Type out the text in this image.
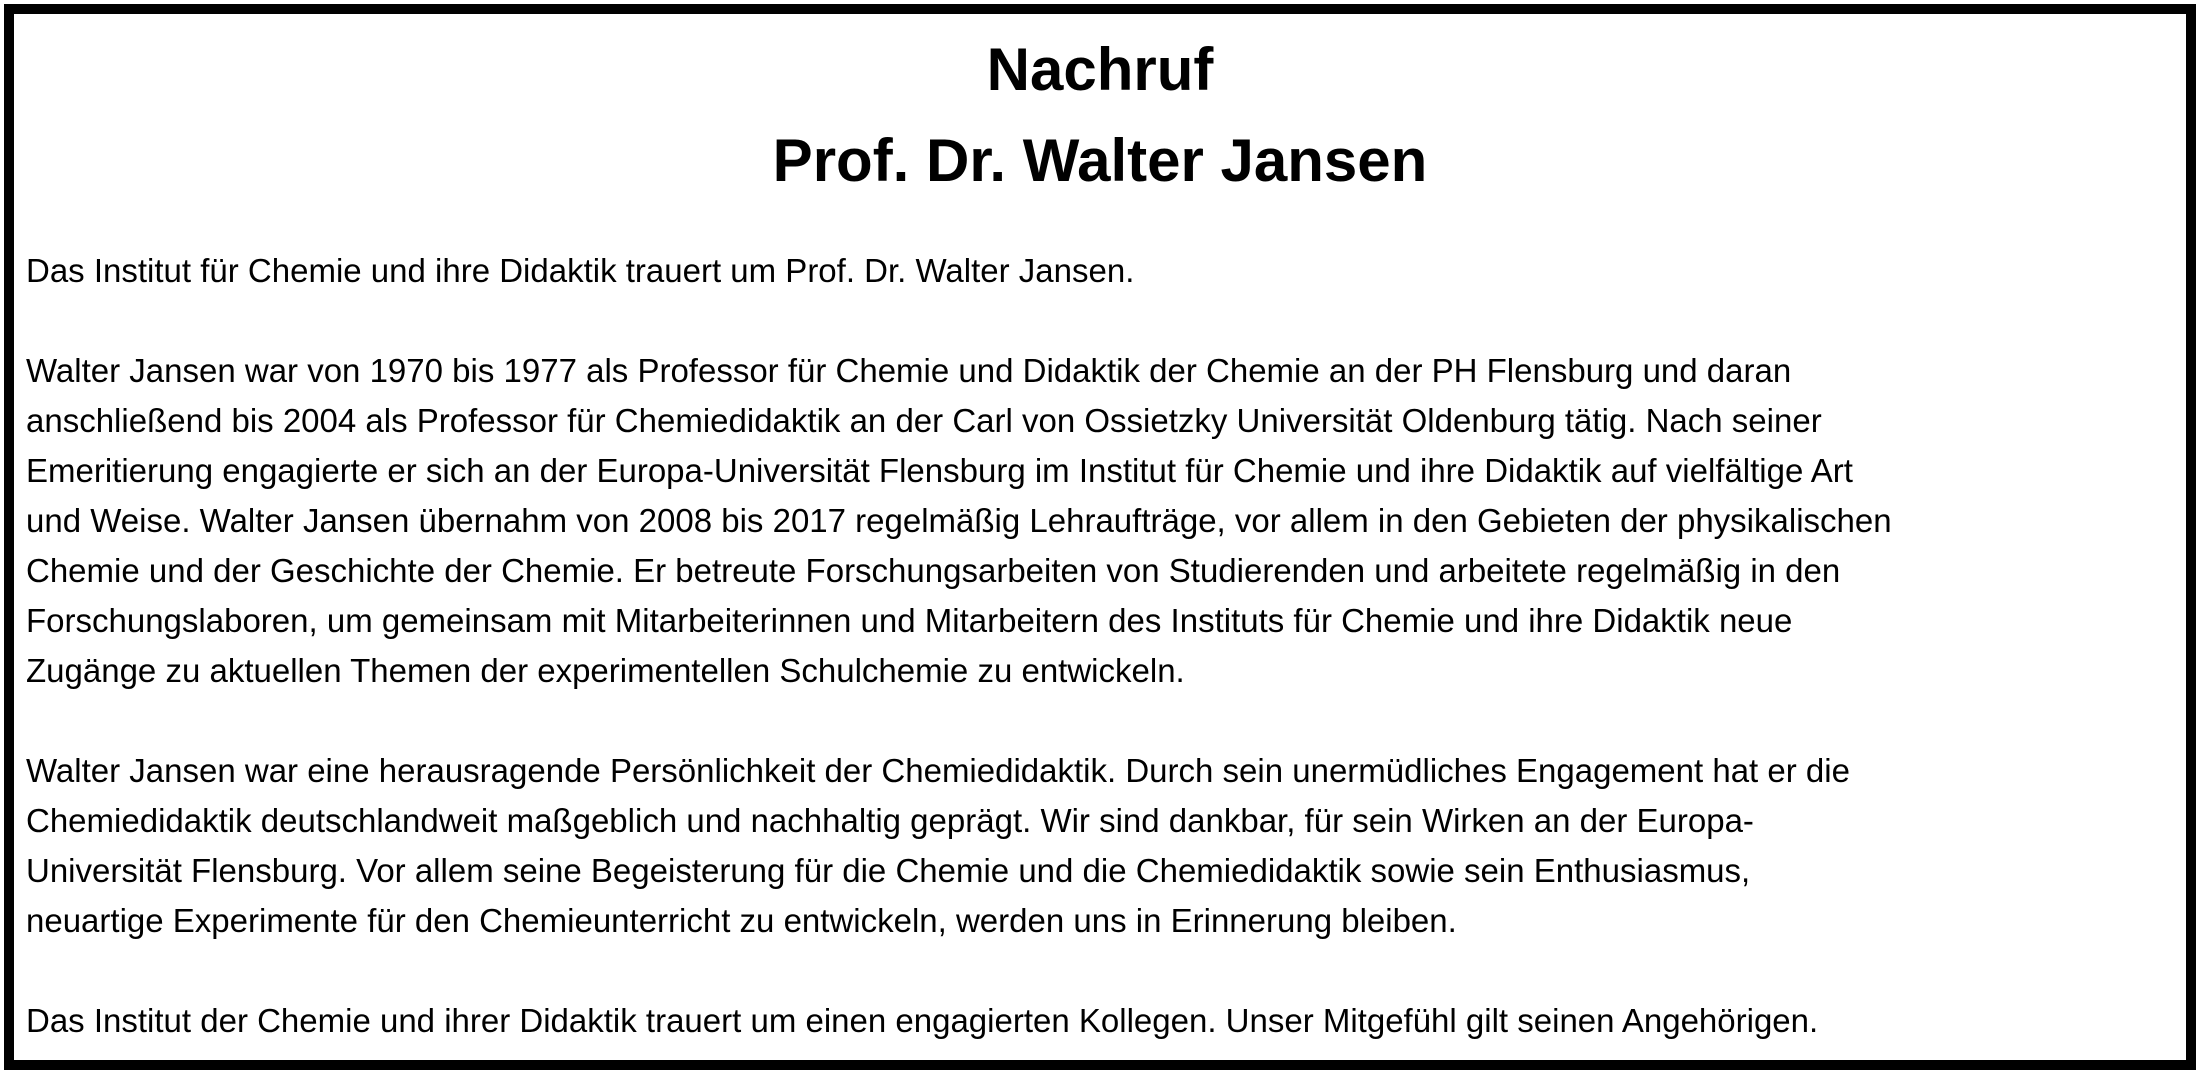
Nachruf
Prof. Dr. Walter Jansen

Das Institut für Chemie und ihre Didaktik trauert um Prof. Dr. Walter Jansen.

Walter Jansen war von 1970 bis 1977 als Professor für Chemie und Didaktik der Chemie an der PH Flensburg und daran
anschließend bis 2004 als Professor für Chemiedidaktik an der Carl von Ossietzky Universität Oldenburg tätig. Nach seiner
Emeritierung engagierte er sich an der Europa-Universität Flensburg im Institut für Chemie und ihre Didaktik auf vielfältige Art
und Weise. Walter Jansen übernahm von 2008 bis 2017 regelmäßig Lehraufträge, vor allem in den Gebieten der physikalischen
Chemie und der Geschichte der Chemie. Er betreute Forschungsarbeiten von Studierenden und arbeitete regelmäßig in den
Forschungslaboren, um gemeinsam mit Mitarbeiterinnen und Mitarbeitern des Instituts für Chemie und ihre Didaktik neue
Zugänge zu aktuellen Themen der experimentellen Schulchemie zu entwickeln.

Walter Jansen war eine herausragende Persönlichkeit der Chemiedidaktik. Durch sein unermüdliches Engagement hat er die
Chemiedidaktik deutschlandweit maßgeblich und nachhaltig geprägt. Wir sind dankbar, für sein Wirken an der Europa-
Universität Flensburg. Vor allem seine Begeisterung für die Chemie und die Chemiedidaktik sowie sein Enthusiasmus,
neuartige Experimente für den Chemieunterricht zu entwickeln, werden uns in Erinnerung bleiben.

Das Institut der Chemie und ihrer Didaktik trauert um einen engagierten Kollegen. Unser Mitgefühl gilt seinen Angehörigen.
